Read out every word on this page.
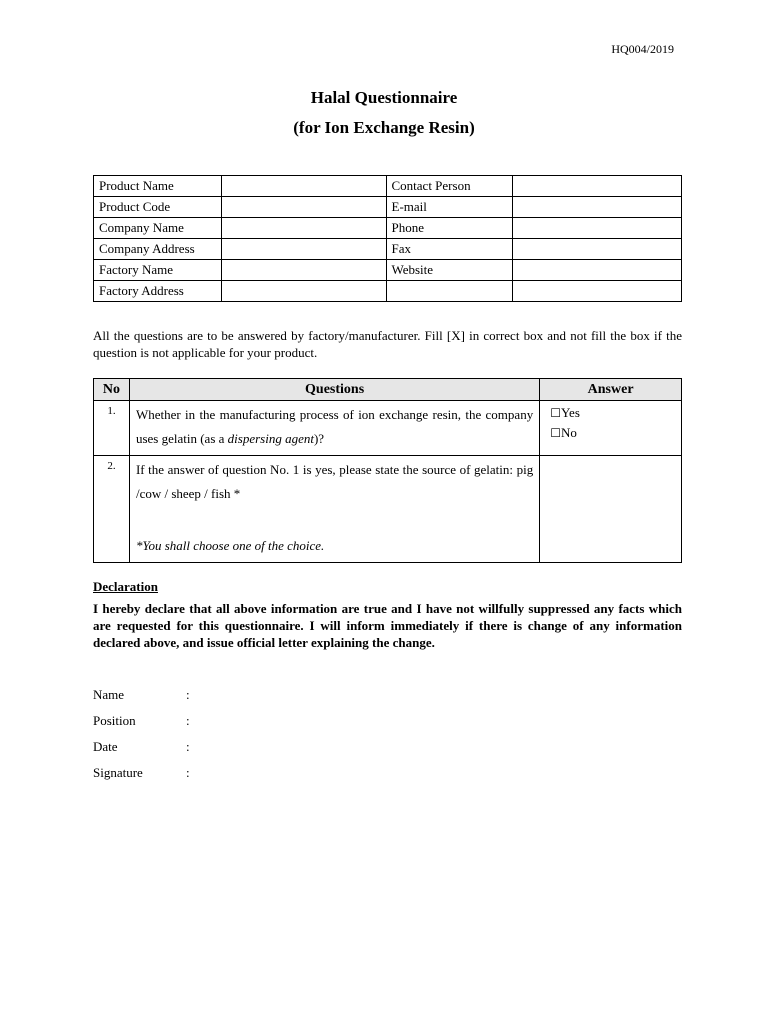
HQ004/2019
Halal Questionnaire
(for Ion Exchange Resin)
Product Name		Contact Person	
Product Code		E-mail	
Company Name		Phone	
Company Address		Fax	
Factory Name		Website	
Factory Address			

All the questions are to be answered by factory/manufacturer. Fill [X] in correct box and not fill the box if the question is not applicable for your product.

No	Questions	Answer
1.	Whether in the manufacturing process of ion exchange resin, the company uses gelatin (as a dispersing agent)?	☐Yes
☐No

2.	If the answer of question No. 1 is yes, please state the source of gelatin: pig /cow / sheep / fish *
*You shall choose one of the choice.	

Declaration

I hereby declare that all above information are true and I have not willfully suppressed any facts which are requested for this questionnaire. I will inform immediately if there is change of any information declared above, and issue official letter explaining the change.

Name	:
Position	:
Date	:
Signature	:
